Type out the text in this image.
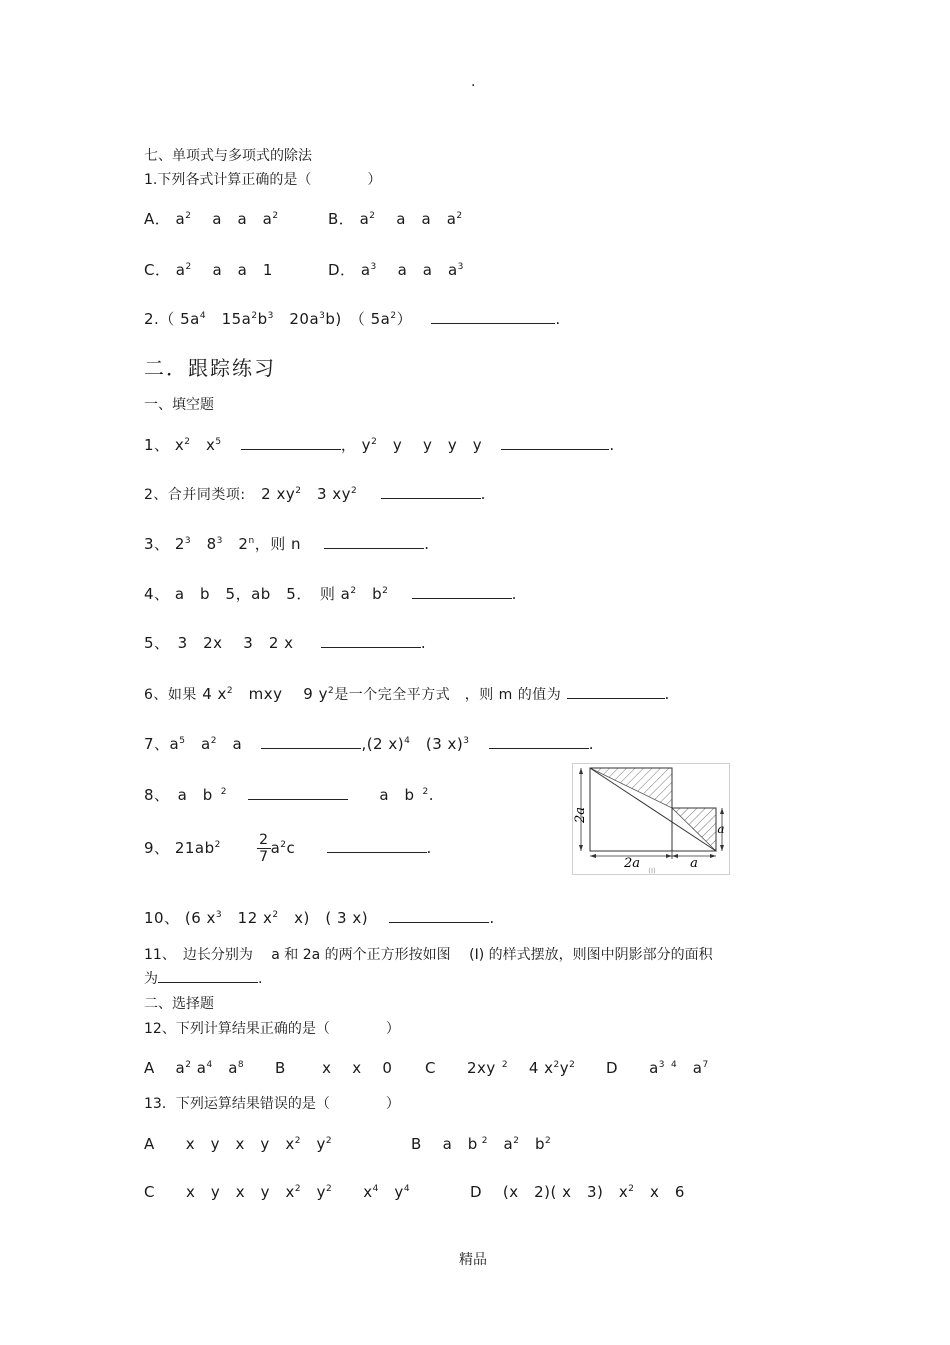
.
七、单项式与多项式的除法
1.下列各式计算正确的是（　　　　）
A． $a^2$　 a　a　 $a^2$	B． $a^2$　 a　a　 $a^2$
C． $a^2$　 a　a　1	D． $a^3$　 a　a　 $a^3$
2.（ $5a^4$　 $15a^2b^3$　 $20a^3b$)　 （ $5a^2$）	.
二．跟踪练习
一、填空题
1、 $x^2$　 $x^5$	， $y^2$　 y　 y　y　y	.
2、合并同类项:　 2 $xy^2$　 3 $xy^2$	.
3、 $2^3$　 $8^3$　 2$^n$，则 n	.
4、 a　b　5，ab　5．　则 $a^2$　 $b^2$	.
5、　 3　2x　 3　2 x	.
6、如果 4 $x^2$　 mxy　 9 $y^2$是一个完全平方式　，则 m 的值为	.
7、$a^5$　 $a^2$　 a	,(2 x)$^4$　 (3 x)$^3$	.
8、　 a　b $^2$ 　　	a　b $^2$.
9、 $21ab^2$　　	$\frac{2}{7} a^2c$	.
10、 (6 $x^3$　 12 $x^2$　 x)　( 3 x)	.
11、　边长分别为　 a 和 2a 的两个正方形按如图　 (I) 的样式摆放，则图中阴影部分的面积
为	.
2a
2a	a
a
(I)
二、选择题
12、下列计算结果正确的是（　　　　）
A　 $a^2$ $a^4$　 $a^8$ B　　 x　 x　 0 C　　 2xy $^2$　 4 $x^2y^2$ D　　 $a^3$ $^4$　 $a^7$
13．下列运算结果错误的是（　　　　）
A　　 x　y　x　y　 $x^2$　 $y^2$	B　 a　b $^2$　 $a^2$　 $b^2$
C　　 x　y　x　y　$x^2$　 $y^2$　　 $x^4$　 $y^4$	D　 (x　2)( x　3)　 $x^2$　 x　6
精品
